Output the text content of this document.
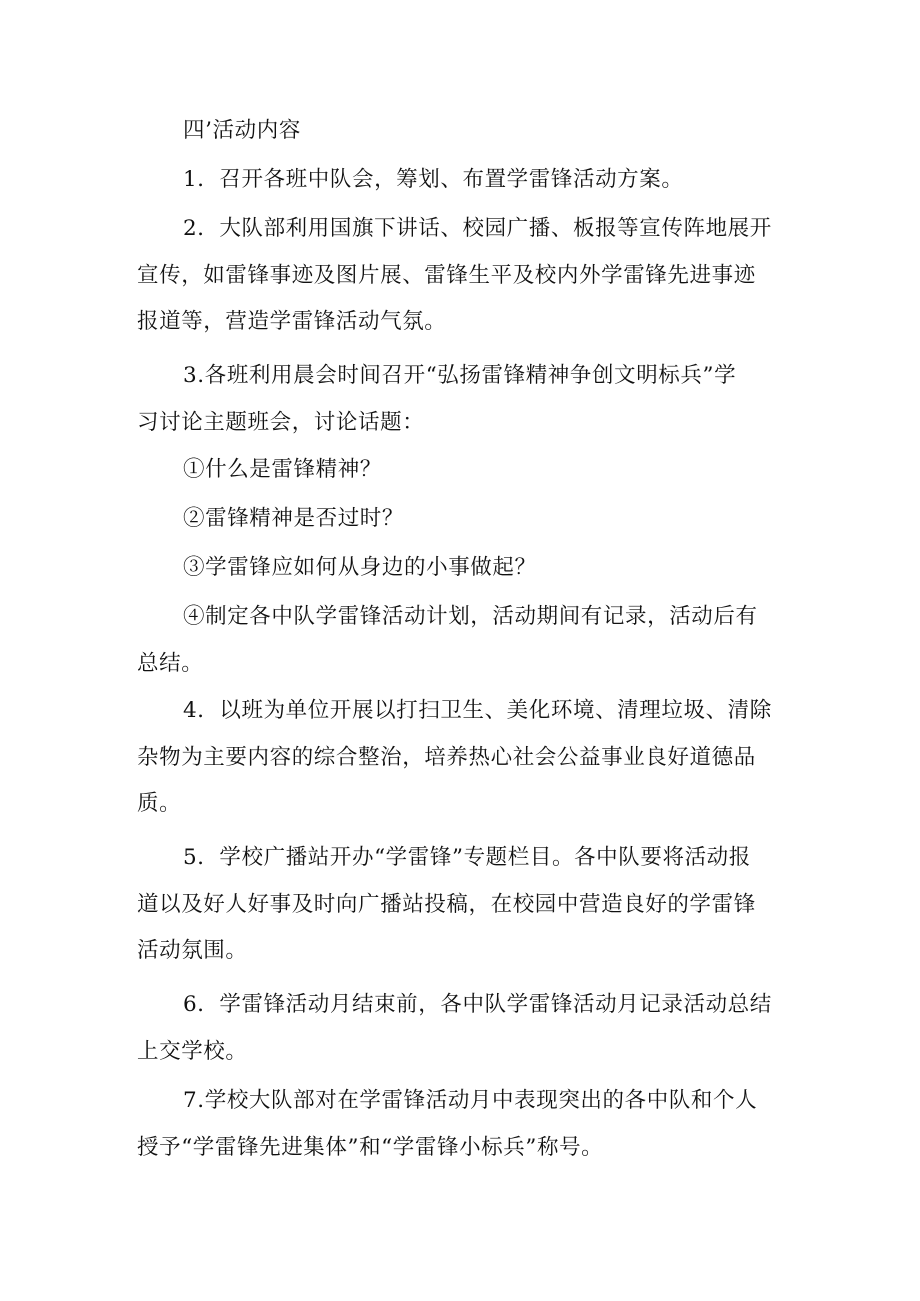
四’活动内容
1．召开各班中队会，筹划、布置学雷锋活动方案。
2．大队部利用国旗下讲话、校园广播、板报等宣传阵地展开
宣传，如雷锋事迹及图片展、雷锋生平及校内外学雷锋先进事迹
报道等，营造学雷锋活动气氛。
3.各班利用晨会时间召开“弘扬雷锋精神争创文明标兵”学
习讨论主题班会，讨论话题：
①什么是雷锋精神？
②雷锋精神是否过时？
③学雷锋应如何从身边的小事做起？
④制定各中队学雷锋活动计划，活动期间有记录，活动后有
总结。
4．以班为单位开展以打扫卫生、美化环境、清理垃圾、清除
杂物为主要内容的综合整治，培养热心社会公益事业良好道德品
质。
5．学校广播站开办“学雷锋”专题栏目。各中队要将活动报
道以及好人好事及时向广播站投稿，在校园中营造良好的学雷锋
活动氛围。
6．学雷锋活动月结束前，各中队学雷锋活动月记录活动总结
上交学校。
7.学校大队部对在学雷锋活动月中表现突出的各中队和个人
授予“学雷锋先进集体”和“学雷锋小标兵”称号。
